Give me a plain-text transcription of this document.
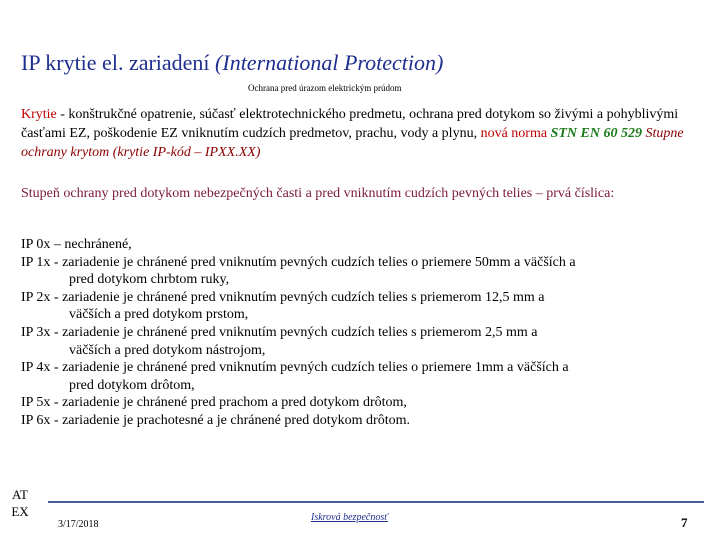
IP krytie el. zariadení (International Protection)
Ochrana pred úrazom elektrickým prúdom
Krytie - konštrukčné opatrenie, súčasť elektrotechnického predmetu, ochrana pred dotykom so živými a pohyblivými časťami EZ, poškodenie EZ vniknutím cudzích predmetov, prachu, vody a plynu, nová norma STN EN 60 529 Stupne ochrany krytom (krytie IP-kód – IPXX.XX)
Stupeň ochrany pred dotykom nebezpečných časti a pred vniknutím cudzích pevných telies – prvá číslica:
IP 0x – nechránené,
IP 1x - zariadenie je chránené pred vniknutím pevných cudzích telies o priemere 50mm a väčších a
pred dotykom chrbtom ruky,
IP 2x - zariadenie je chránené pred vniknutím pevných cudzích telies s priemerom 12,5 mm a
väčších a pred dotykom prstom,
IP 3x - zariadenie je chránené pred vniknutím pevných cudzích telies s priemerom 2,5 mm a
väčších a pred dotykom nástrojom,
IP 4x - zariadenie je chránené pred vniknutím pevných cudzích telies o priemere 1mm a väčších a
pred dotykom drôtom,
IP 5x - zariadenie je chránené pred prachom a pred dotykom drôtom,
IP 6x - zariadenie je prachotesné a je chránené pred dotykom drôtom.
AT
EX
3/17/2018
Iskrová bezpečnosť	7
